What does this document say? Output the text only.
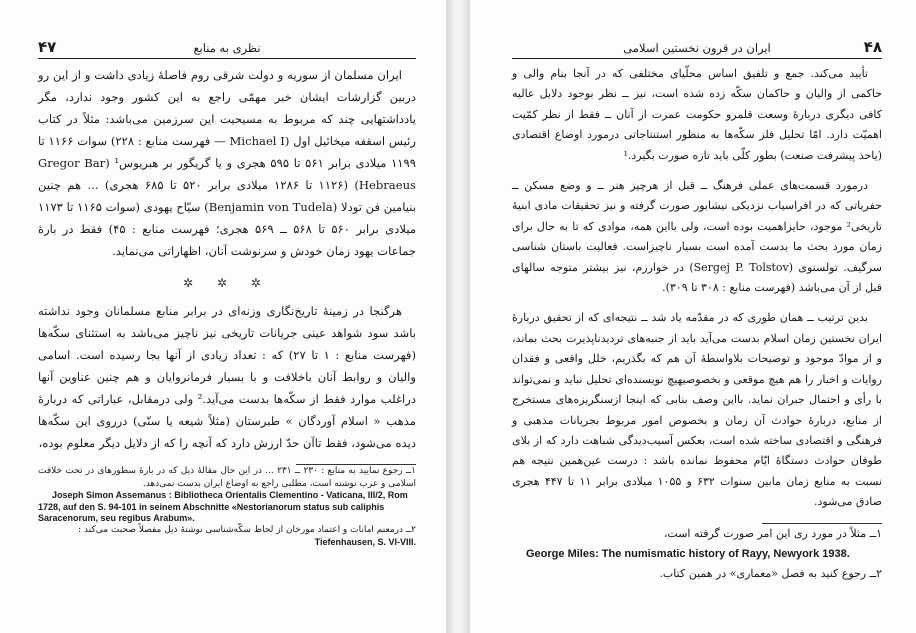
۴۷	نظری به منابع

ایران مسلمان از سوریه و دولت شرقی روم فاصلهٔ زیادی داشت و از این رو دربین گزارشات ایشان خبر مهمّی راجع به این کشور وجود ندارد، مگر یادداشتهایی چند که مربوط به مسیحیت این سرزمین می‌باشد: مثلاً در کتاب رئیس اسقفه میخائیل اول (Michael I — فهرست منابع : ۲۲۸) سوات ۱۱۶۶ تا ۱۱۹۹ میلادی برابر ۵۶۱ تا ۵۹۵ هجری و یا گریگور بر هبریوس¹ (Gregor Bar Hebraeus) (۱۱۲۶ تا ۱۲۸۶ میلادی برابر ۵۲۰ تا ۶۸۵ هجری) ... هم چنین بنیامین فن تودلا (Benjamin von Tudela) سیّاح یهودی (سوات ۱۱۶۵ تا ۱۱۷۳ میلادی برابر ۵۶۰ تا ۵۶۸ ــ ۵۶۹ هجری؛ فهرست منابع : ۴۵) فقط در بارهٔ جماعات یهود زمان خودش و سرنوشت آنان، اظهاراتی می‌نماید.

✲ ✲ ✲

هرگنجا در زمینهٔ تاریخ‌نگاری وزنه‌ای در برابر منابع مسلمانان وجود نداشته باشد سود شواهد عینی جریانات تاریخی نیز ناچیز می‌باشد به استثنای سکّه‌ها (فهرست منابع : ۱ تا ۲۷) که : تعداد زیادی از آنها بجا رسیده است. اسامی والیان و روابط آنان باخلافت و با بسیار فرمانروایان و هم چنین عناوین آنها دراغلب موارد فقط از سکّه‌ها بدست می‌آید.² ولی درمقابل، عباراتی که دربارهٔ مذهب « اسلام آوردگان » طبرستان (مثلاً شیعه یا سنّی) درروی این سکّه‌ها دیده می‌شود، فقط تاآن حدّ ارزش دارد که آنچه را که از دلایل دیگر معلوم بوده،

۱ــ رجوع نمایید به منابع : ۲۳۰ ــ ۲۳۱ ... در این حال مقالهٔ ذیل که در بارهٔ سطورهای در تحت خلافت اسلامی و عرب نوشته است، مطلبی راجع به اوضاع ایران بدست نمی‌دهد.

Joseph Simon Assemanus : Bibliotheca Orientalis Clementino - Vaticana, III/2, Rom 1728, auf den S. 94-101 in seinem Abschnitte «Nestorianorum status sub caliphis Saracenorum, seu regibus Arabum».

۲ــ درمعنم امانات و اعتماد مورخان از لحاظ سکّه‌شناسی نوشتهٔ ذیل مفصلاً صحبت می‌کند :

Tiefenhausen, S. VI-VIII.

۴۸
ایران در قرون نخستین اسلامی

تأیید می‌کند. جمع و تلفیق اساس محلّیای مختلفی که در آنجا بنام والی و حاکمی از والیان و حاکمان سکّه زده شده است، نیز ــ نظر بوجود دلایل عالیه کافی دیگری دربارهٔ وسعت قلمرو حکومت عمرت از آنان ــ فقط از نظر کمّیت اهمیّت دارد. امّا تحلیل فلز سکّه‌ها به منظور استنتاجاتی درمورد اوضاع اقتصادی (یاحذ پیشرفت صنعت) بطور کلّی باید تازه صورت بگیرد.¹

درمورد قسمت‌های عملی فرهنگ ــ قبل از هرچیز هنر ــ و وضع مسکن ــ حفریاتی که در افراسیاب نزدیکی نیشابور صورت گرفته و نیز تحقیقات مادی ابنیهٔ تاریخی² موجود، حایزاهمیت بوده است، ولی بااین همه، موادی که تا به حال برای زمان مورد بحث ما بدست آمده است بسیار ناچیزاست. فعالیت باستان شناسی سرگیف. تولستوی (Sergej P. Tolstov) در خوارزم، نیز بیشتر متوجه سالهای قبل از آن می‌باشد (فهرست منابع : ۳۰۸ تا ۳۰۹).

بدین ترتیب ــ همان طوری که در مقدّمه یاد شد ــ نتیجه‌ای که از تحقیق دربارهٔ ایران نخستین زمان اسلام بدست می‌آید باید از جنبه‌های تردیدناپذیرت بحث بماند، و از موادّ موجود و توضیحات بلاواسطهٔ آن هم که بگذریم، خلل واقعی و فقدان روایات و اخبار را هم هیچ موقعی و بخصوصیهیچ نویسنده‌ای تحلیل نباید و نمی‌تواند با رأی و احتمال جبران نماید. بااین وصف بنابی که اینجا ازسنگریزه‌های مستخرج از منابع، دربارهٔ حوادث آن زمان و بخصوص امور مربوط بجریانات مذهبی و فرهنگی و اقتصادی ساخته شده است، بعکس آسیب‌دیدگی شباهت دارد که از بلای طوفان حوادث دستگاهٔ ایّام محفوظ نمانده باشد : درست عین‌همین نتیجه هم نسبت به منابع زمان مابین سنوات ۶۳۲ و ۱۰۵۵ میلادی برابر ۱۱ تا ۴۴۷ هجری صادق می‌شود.

۱ــ مثلاً در مورد ری این امر صورت گرفته است،

George Miles: The numismatic history of Rayy, Newyork 1938.

۲ــ رجوع کنید به فصل «معماری» در همین کتاب.
